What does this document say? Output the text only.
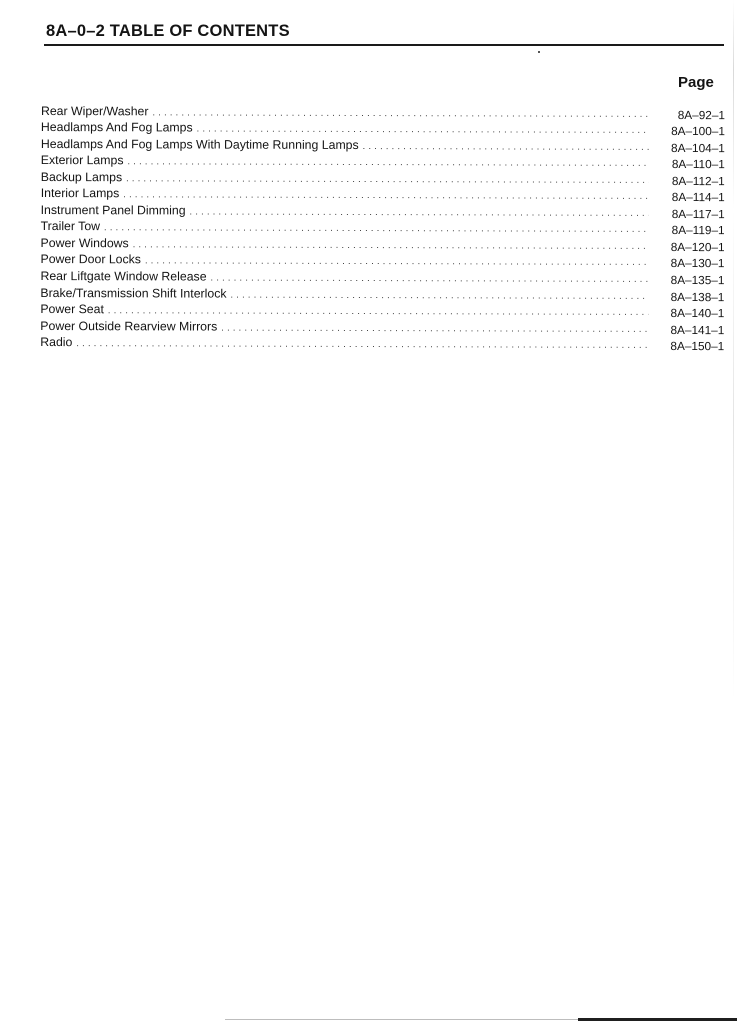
8A–0–2 TABLE OF CONTENTS
Page
Rear Wiper/Washer . . .	8A–92–1
Headlamps And Fog Lamps . . .	8A–100–1
Headlamps And Fog Lamps With Daytime Running Lamps . . .	8A–104–1
Exterior Lamps . . .	8A–110–1
Backup Lamps . . .	8A–112–1
Interior Lamps . . .	8A–114–1
Instrument Panel Dimming . . .	8A–117–1
Trailer Tow . . .	8A–119–1
Power Windows . . .	8A–120–1
Power Door Locks . . .	8A–130–1
Rear Liftgate Window Release . . .	8A–135–1
Brake/Transmission Shift Interlock . . .	8A–138–1
Power Seat . . .	8A–140–1
Power Outside Rearview Mirrors . . .	8A–141–1
Radio . . .	8A–150–1
